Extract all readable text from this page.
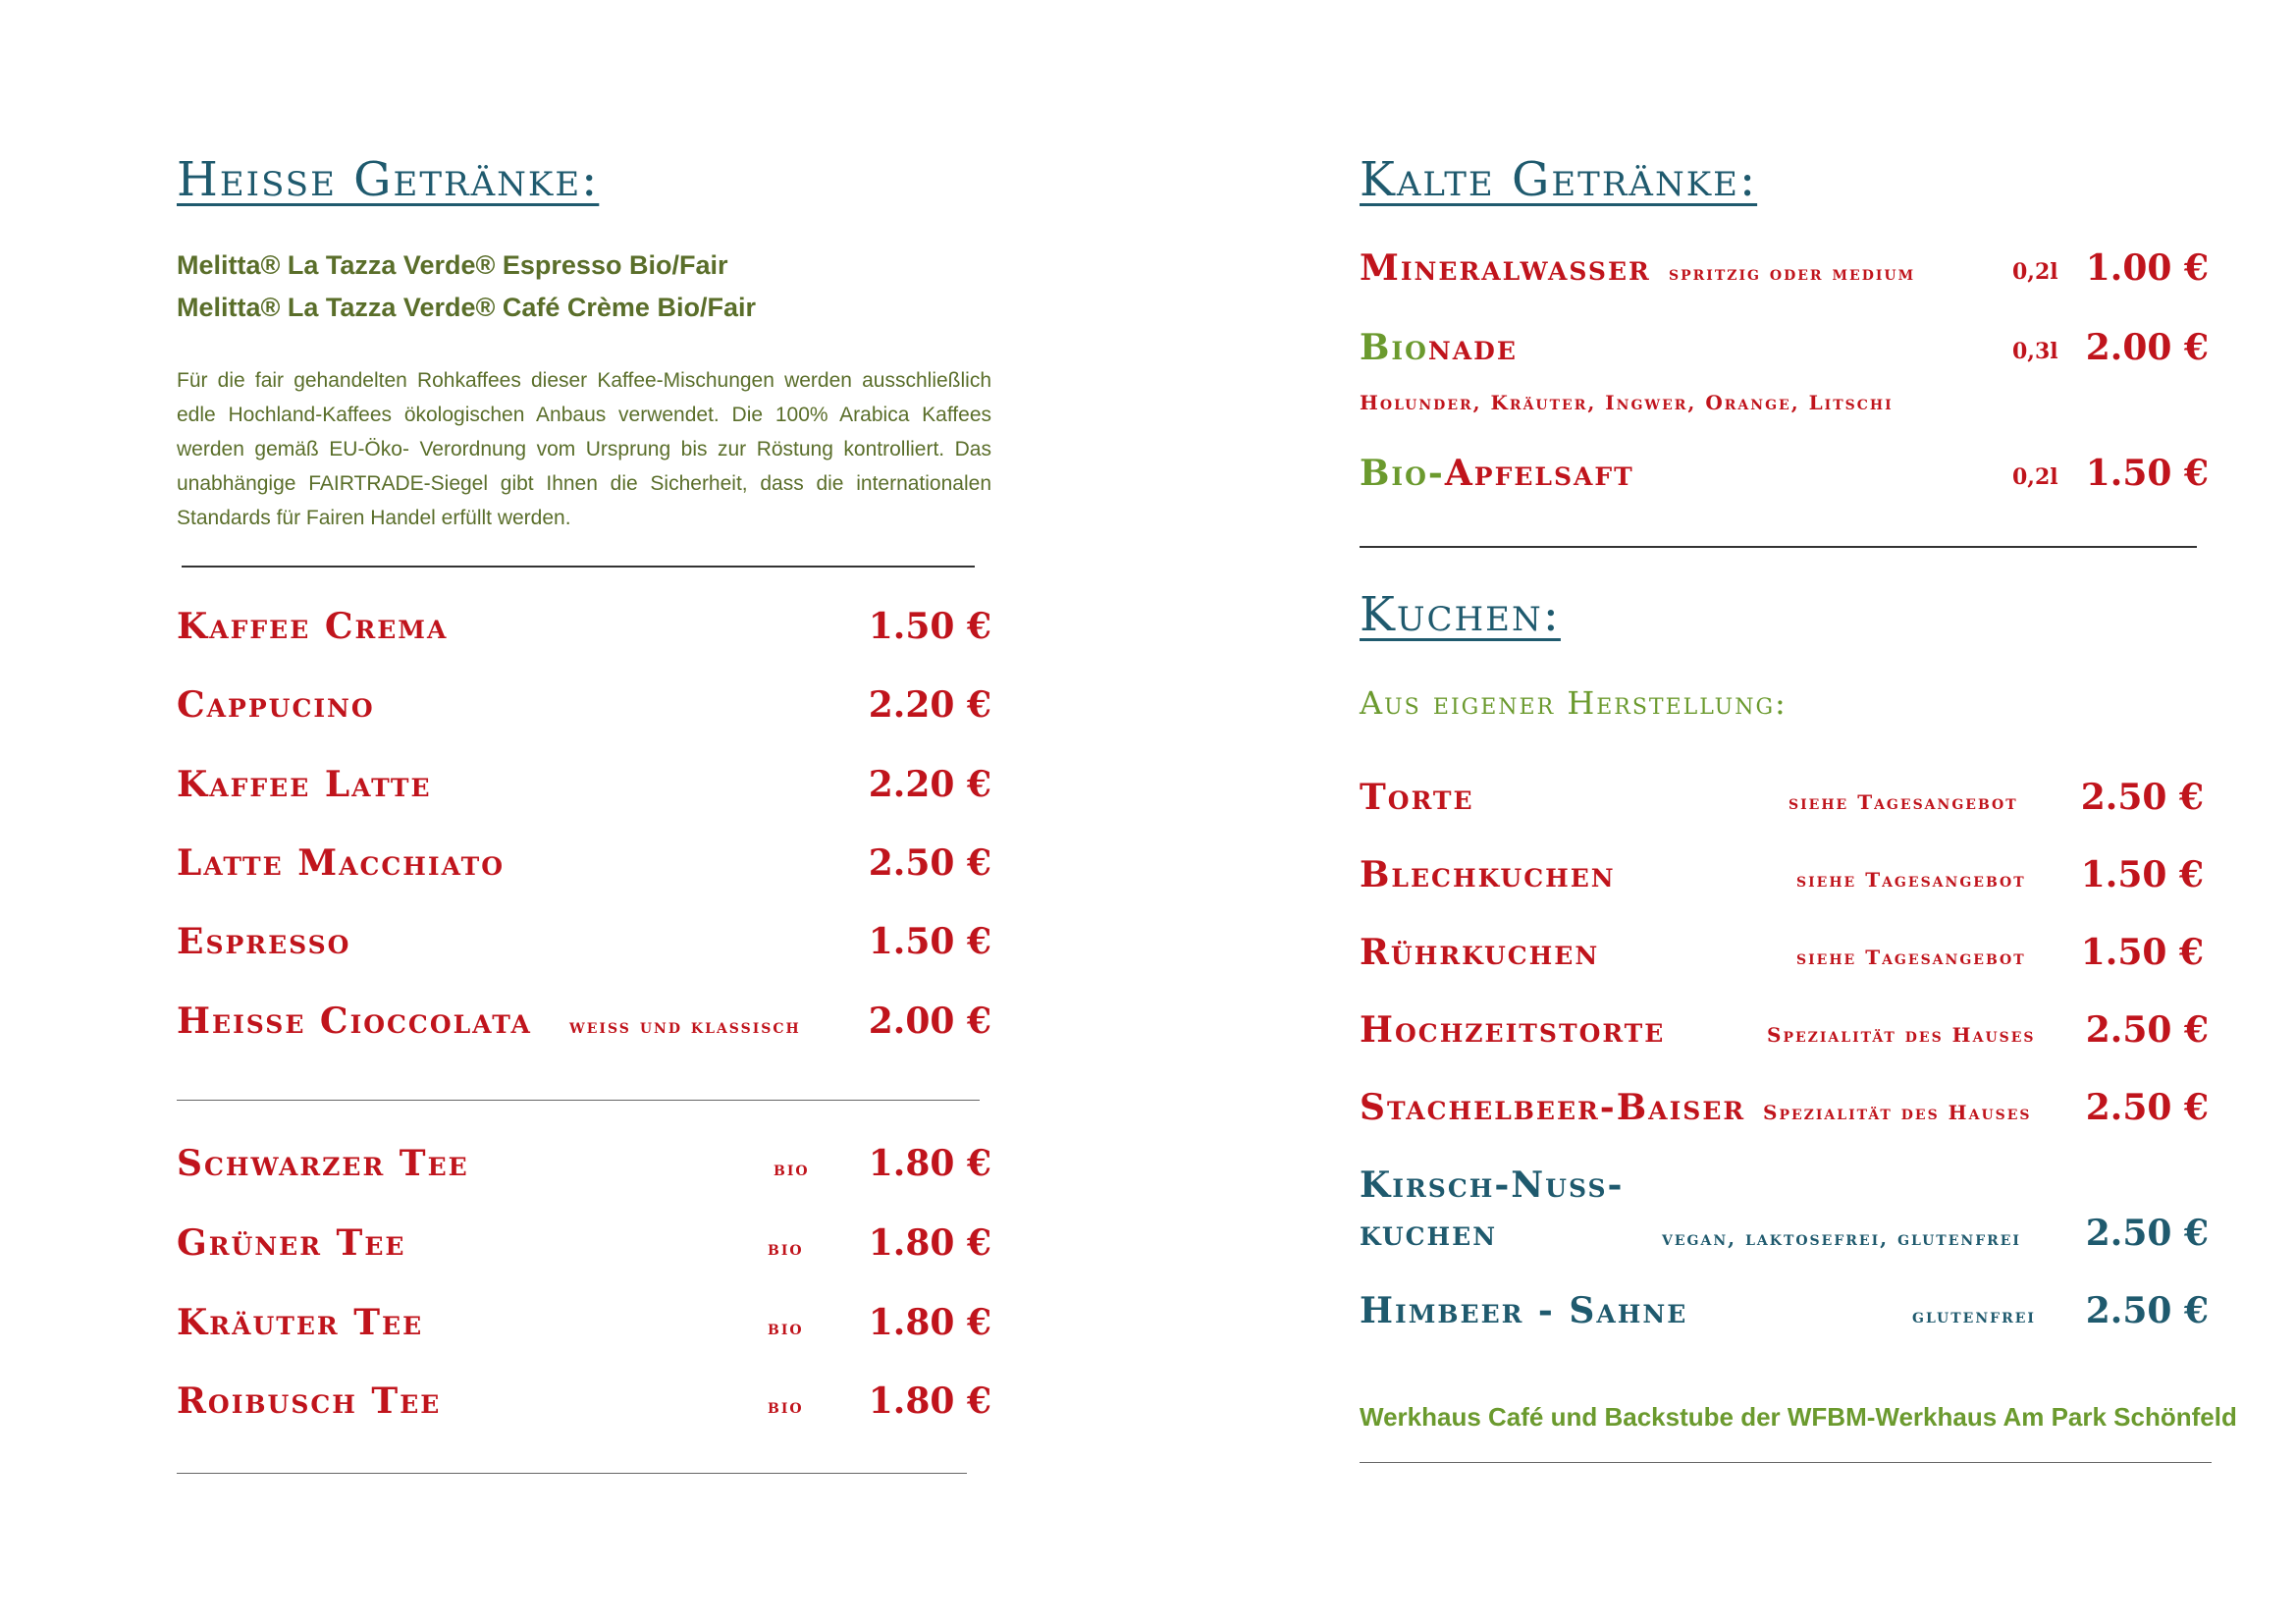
Heisse Getränke:
Melitta® La Tazza Verde® Espresso Bio/Fair
Melitta® La Tazza Verde® Café Crème Bio/Fair
Für die fair gehandelten Rohkaffees dieser Kaffee-Mischungen werden ausschließlich edle Hochland-Kaffees ökologischen Anbaus verwendet. Die 100% Arabica Kaffees werden gemäß EU-Öko- Verordnung vom Ursprung bis zur Röstung kontrolliert. Das unabhängige FAIRTRADE-Siegel gibt Ihnen die Sicherheit, dass die internationalen Standards für Fairen Handel erfüllt werden.
Kaffee Crema	1.50 €
Cappucino	2.20 €
Kaffee Latte	2.20 €
Latte Macchiato	2.50 €
Espresso	1.50 €
Heisse Cioccolata weiss und klassisch	2.00 €
Schwarzer Tee	bio	1.80 €
Grüner Tee	bio	1.80 €
Kräuter Tee	bio	1.80 €
Roibusch Tee	bio	1.80 €
Kalte Getränke:
Mineralwasser spritzig oder medium	0,2l 1.00 €
Bionade	0,3l 2.00 €
Holunder, Kräuter, Ingwer, Orange, Litschi
Bio-Apfelsaft	0,2l 1.50 €
Kuchen:
Aus eigener Herstellung:
Torte	siehe Tagesangebot	2.50 €
Blechkuchen	siehe Tagesangebot	1.50 €
Rührkuchen	siehe Tagesangebot	1.50 €
Hochzeitstorte	Spezialität des Hauses	2.50 €
Stachelbeer-Baiser Spezialität des Hauses	2.50 €
Kirsch-Nuss-
kuchen	vegan, laktosefrei, glutenfrei	2.50 €
Himbeer - Sahne	glutenfrei	2.50 €
Werkhaus Café und Backstube der WFBM-Werkhaus Am Park Schönfeld
